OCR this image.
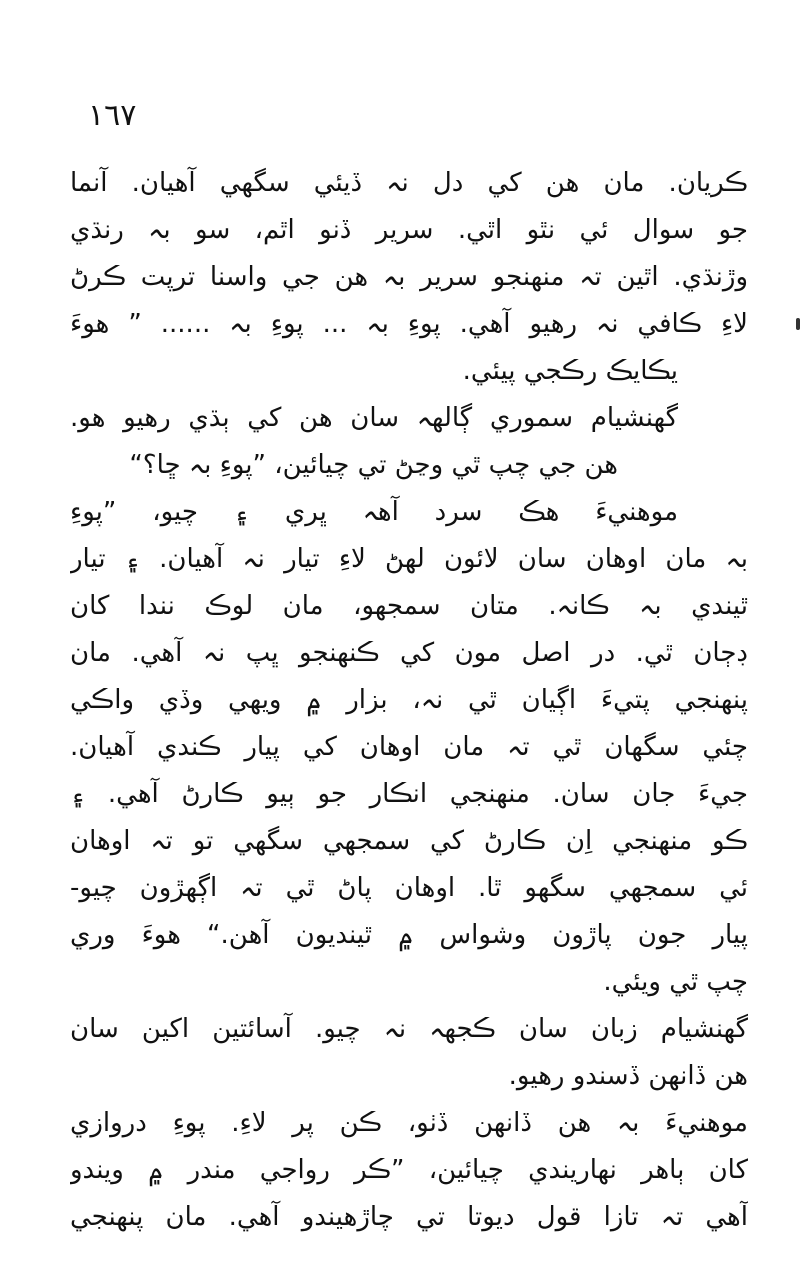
۱٦٧
ڪريان. مان هن کي دل نہ ڏيئي سگهي آهيان. آنما
جو سوال ئي نٿو اٿي. سرير ڏنو اٿم، سو بہ رنڌي
وڙنڌي. اٿين تہ منهنجو سرير بہ هن جي واسنا ترپت ڪرڻ
لاءِ ڪافي نہ رهيو آهي. پوءِ بہ ... پوءِ بہ ...... ” هوءَ
يڪايڪ رڪجي پيئي.
گهنشيام سموري ڳالهہ سان هن کي ٻڌي رهيو هو.
هن جي چپ ٿي وڃڻ تي چيائين، ”پوءِ بہ ڇا؟“
موهنيءَ هڪ سرد آهہ ڀري ۽ چيو، ”پوءِ
بہ مان اوهان سان لائون لهڻ لاءِ تيار نہ آهيان. ۽ تيار
ٿيندي بہ ڪانہ. متان سمجهو، مان لوڪ نندا کان
ڊڄان ٿي. در اصل مون کي ڪنهنجو ڀپ نہ آهي. مان
پنهنجي پتيءَ اڳيان ٿي نہ، بزار ۾ ويهي وڏي واڪي
چئي سگهان ٿي تہ مان اوهان کي پيار ڪندي آهيان.
جيءَ جان سان. منهنجي انڪار جو ٻيو ڪارڻ آهي. ۽
ڪو منهنجي اِن ڪارڻ کي سمجهي سگهي تو تہ اوهان
ئي سمجهي سگهو ٿا. اوهان پاڻ ٿي تہ اڳهڙون چيو-
پيار جون پاڙون وشواس ۾ ٿينديون آهن.“ هوءَ وري
چپ ٿي ويئي.
گهنشيام زبان سان ڪجهہ نہ چيو. آسائتين اکين سان
هن ڏانهن ڏسندو رهيو.
موهنيءَ بہ هن ڏانهن ڏٺو، ڪن پر لاءِ. پوءِ دروازي
کان ٻاهر نهاريندي چيائين، ”ڪر رواجي مندر ۾ ويندو
آهي تہ تازا قول ديوتا تي چاڙهيندو آهي. مان پنهنجي
